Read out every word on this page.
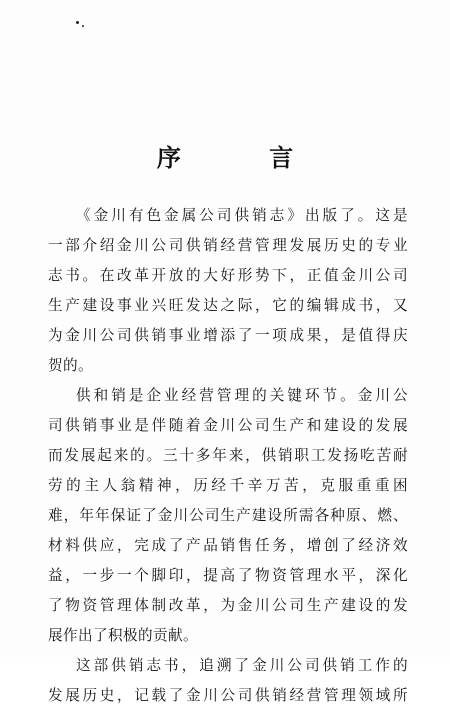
序 言
《金川有色金属公司供销志》出版了。这是
一部介绍金川公司供销经营管理发展历史的专业
志书。在改革开放的大好形势下，正值金川公司
生产建设事业兴旺发达之际，它的编辑成书，又
为金川公司供销事业增添了一项成果，是值得庆
贺的。
供和销是企业经营管理的关键环节。金川公
司供销事业是伴随着金川公司生产和建设的发展
而发展起来的。三十多年来，供销职工发扬吃苦耐
劳的主人翁精神，历经千辛万苦，克服重重困
难，年年保证了金川公司生产建设所需各种原、燃、
材料供应，完成了产品销售任务，增创了经济效
益，一步一个脚印，提高了物资管理水平，深化
了物资管理体制改革，为金川公司生产建设的发
展作出了积极的贡献。
这部供销志书，追溯了金川公司供销工作的
发展历史，记载了金川公司供销经营管理领域所
